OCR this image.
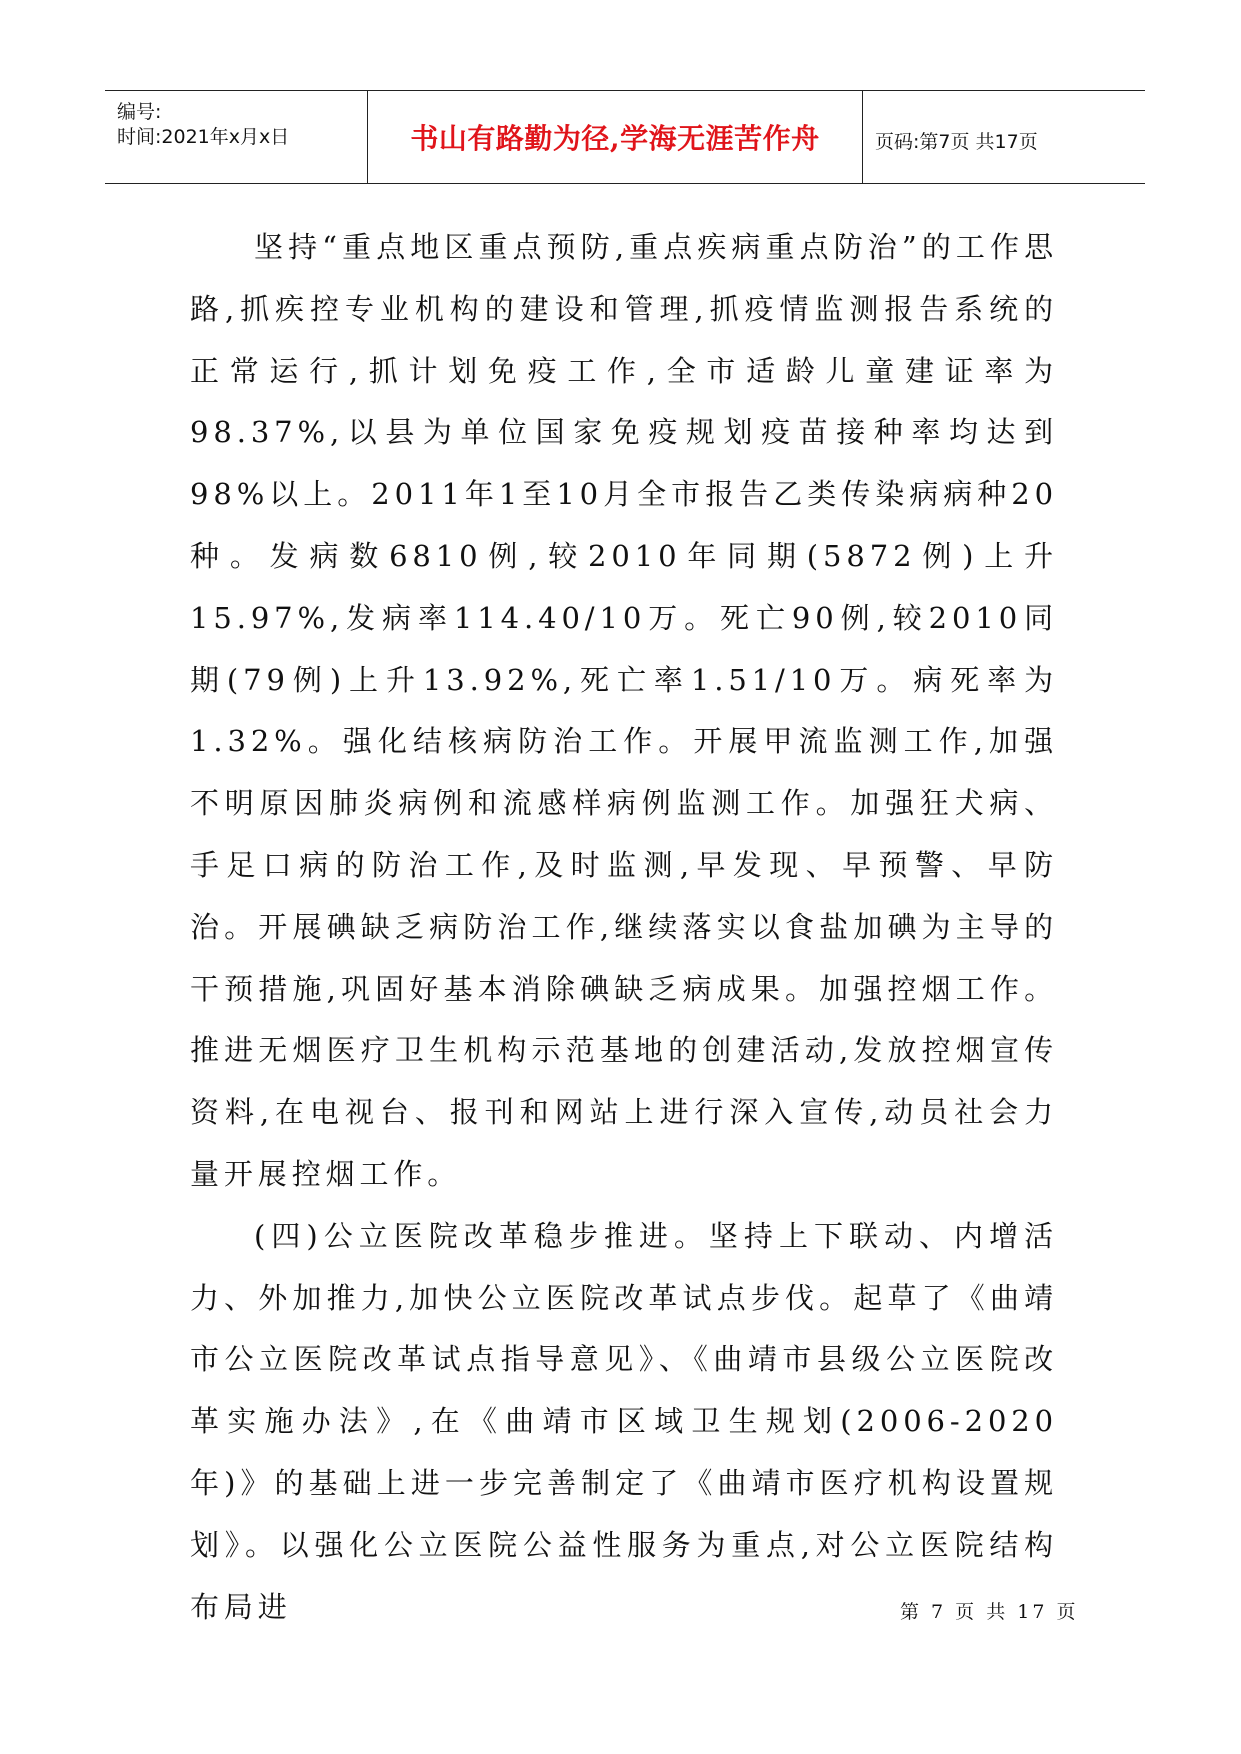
编号:
时间:2021年x月x日	书山有路勤为径,学海无涯苦作舟	页码:第7页 共17页

坚持“重点地区重点预防,重点疾病重点防治”的工作思路,抓疾控专业机构的建设和管理,抓疫情监测报告系统的正常运行,抓计划免疫工作,全市适龄儿童建证率为98.37%,以县为单位国家免疫规划疫苗接种率均达到98%以上。2011年1至10月全市报告乙类传染病病种20种。发病数6810例,较2010年同期(5872例)上升15.97%,发病率114.40/10万。死亡90例,较2010同期(79例)上升13.92%,死亡率1.51/10万。病死率为1.32%。强化结核病防治工作。开展甲流监测工作,加强不明原因肺炎病例和流感样病例监测工作。加强狂犬病、手足口病的防治工作,及时监测,早发现、早预警、早防治。开展碘缺乏病防治工作,继续落实以食盐加碘为主导的干预措施,巩固好基本消除碘缺乏病成果。加强控烟工作。推进无烟医疗卫生机构示范基地的创建活动,发放控烟宣传资料,在电视台、报刊和网站上进行深入宣传,动员社会力量开展控烟工作。

(四)公立医院改革稳步推进。坚持上下联动、内增活力、外加推力,加快公立医院改革试点步伐。起草了《曲靖市公立医院改革试点指导意见》、《曲靖市县级公立医院改革实施办法》,在《曲靖市区域卫生规划(2006-2020年)》的基础上进一步完善制定了《曲靖市医疗机构设置规划》。以强化公立医院公益性服务为重点,对公立医院结构布局进	第 7 页 共 17 页
